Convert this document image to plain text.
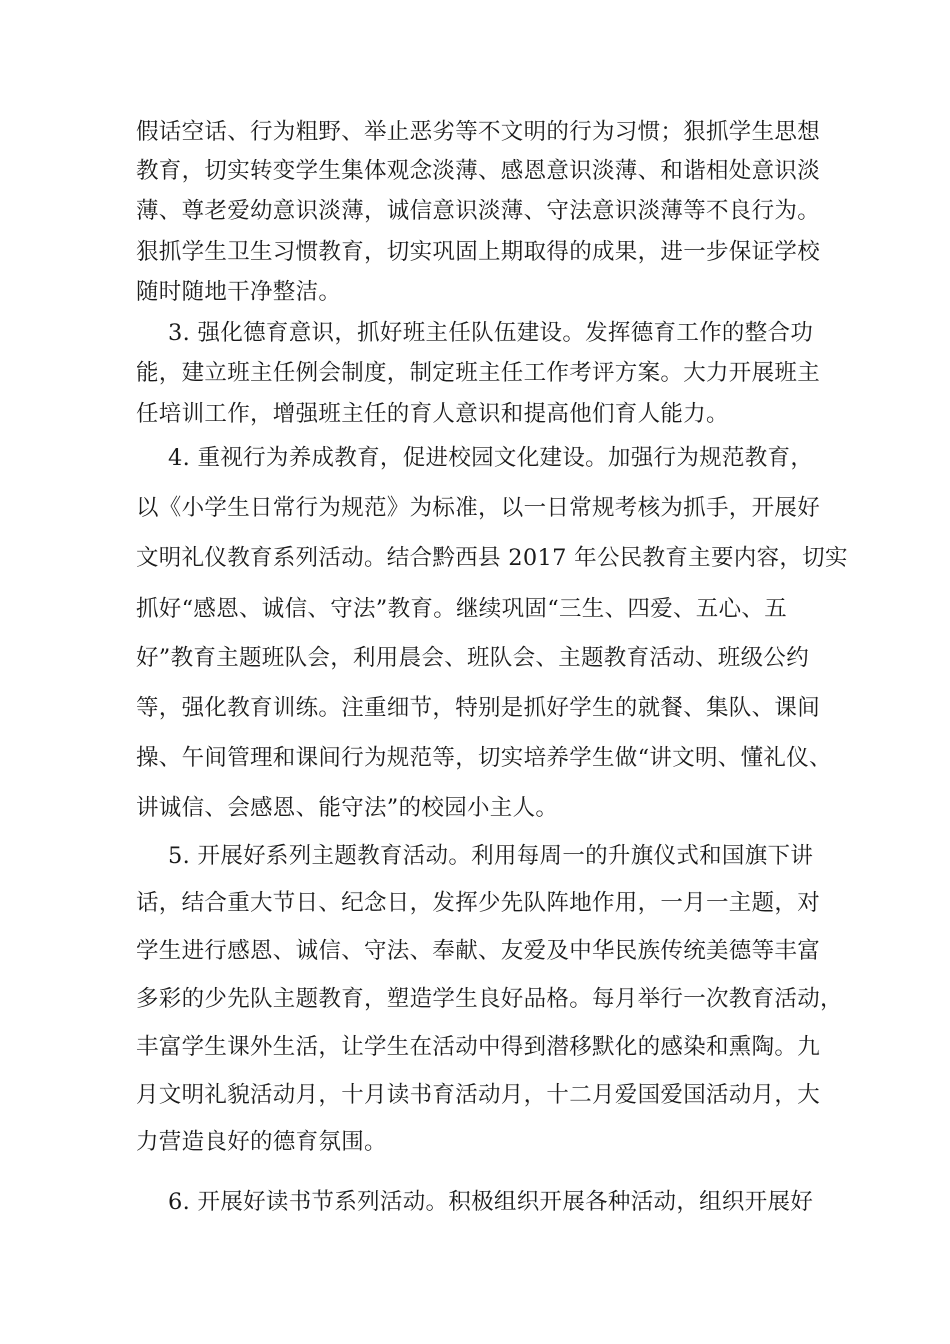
假话空话、行为粗野、举止恶劣等不文明的行为习惯；狠抓学生思想
教育，切实转变学生集体观念淡薄、感恩意识淡薄、和谐相处意识淡
薄、尊老爱幼意识淡薄，诚信意识淡薄、守法意识淡薄等不良行为。
狠抓学生卫生习惯教育，切实巩固上期取得的成果，进一步保证学校
随时随地干净整洁。
3. 强化德育意识，抓好班主任队伍建设。发挥德育工作的整合功
能，建立班主任例会制度，制定班主任工作考评方案。大力开展班主
任培训工作，增强班主任的育人意识和提高他们育人能力。
4. 重视行为养成教育，促进校园文化建设。加强行为规范教育，
以《小学生日常行为规范》为标准，以一日常规考核为抓手，开展好
文明礼仪教育系列活动。结合黔西县 2017 年公民教育主要内容，切实
抓好“感恩、诚信、守法”教育。继续巩固“三生、四爱、五心、五
好”教育主题班队会，利用晨会、班队会、主题教育活动、班级公约
等，强化教育训练。注重细节，特别是抓好学生的就餐、集队、课间
操、午间管理和课间行为规范等，切实培养学生做“讲文明、懂礼仪、
讲诚信、会感恩、能守法”的校园小主人。
5. 开展好系列主题教育活动。利用每周一的升旗仪式和国旗下讲
话，结合重大节日、纪念日，发挥少先队阵地作用，一月一主题，对
学生进行感恩、诚信、守法、奉献、友爱及中华民族传统美德等丰富
多彩的少先队主题教育，塑造学生良好品格。每月举行一次教育活动，
丰富学生课外生活，让学生在活动中得到潜移默化的感染和熏陶。九
月文明礼貌活动月，十月读书育活动月，十二月爱国爱国活动月，大
力营造良好的德育氛围。
6. 开展好读书节系列活动。积极组织开展各种活动，组织开展好
